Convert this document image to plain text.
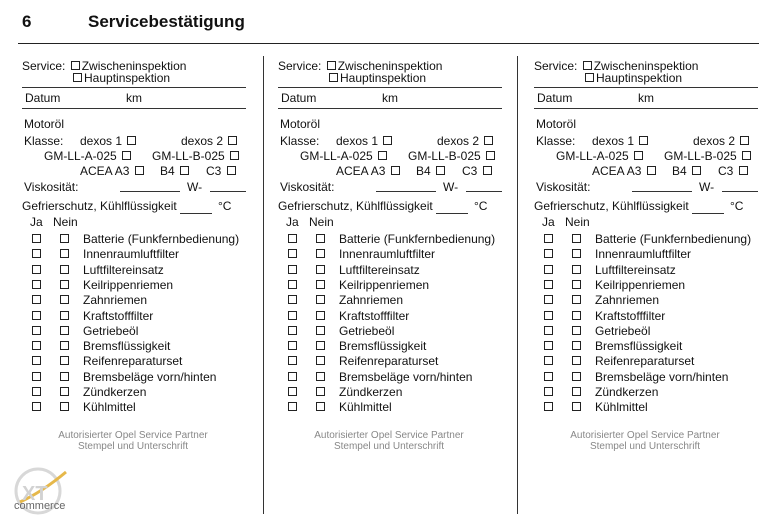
6	Servicebestätigung
Service: Zwischeninspektion
Hauptinspektion
Datum	km
Motoröl
Klasse: dexos 1	dexos 2
GM-LL-A-025	GM-LL-B-025
ACEA A3	B4	C3
Viskosität:	W-
Gefrierschutz, Kühlflüssigkeit	°C
Ja Nein
Batterie (Funkfernbedienung)
Innenraumluftfilter
Luftfiltereinsatz
Keilrippenriemen
Zahnriemen
Kraftstofffilter
Getriebeöl
Bremsflüssigkeit
Reifenreparaturset
Bremsbeläge vorn/hinten
Zündkerzen
Kühlmittel
Autorisierter Opel Service Partner
Stempel und Unterschrift
Service: Zwischeninspektion
Hauptinspektion
Datum	km
Motoröl
Klasse: dexos 1	dexos 2
GM-LL-A-025	GM-LL-B-025
ACEA A3	B4	C3
Viskosität:	W-
Gefrierschutz, Kühlflüssigkeit	°C
Ja Nein
Batterie (Funkfernbedienung)
Innenraumluftfilter
Luftfiltereinsatz
Keilrippenriemen
Zahnriemen
Kraftstofffilter
Getriebeöl
Bremsflüssigkeit
Reifenreparaturset
Bremsbeläge vorn/hinten
Zündkerzen
Kühlmittel
Autorisierter Opel Service Partner
Stempel und Unterschrift
Service: Zwischeninspektion
Hauptinspektion
Datum	km
Motoröl
Klasse: dexos 1	dexos 2
GM-LL-A-025	GM-LL-B-025
ACEA A3	B4	C3
Viskosität:	W-
Gefrierschutz, Kühlflüssigkeit	°C
Ja Nein
Batterie (Funkfernbedienung)
Innenraumluftfilter
Luftfiltereinsatz
Keilrippenriemen
Zahnriemen
Kraftstofffilter
Getriebeöl
Bremsflüssigkeit
Reifenreparaturset
Bremsbeläge vorn/hinten
Zündkerzen
Kühlmittel
Autorisierter Opel Service Partner
Stempel und Unterschrift
XT
commerce
